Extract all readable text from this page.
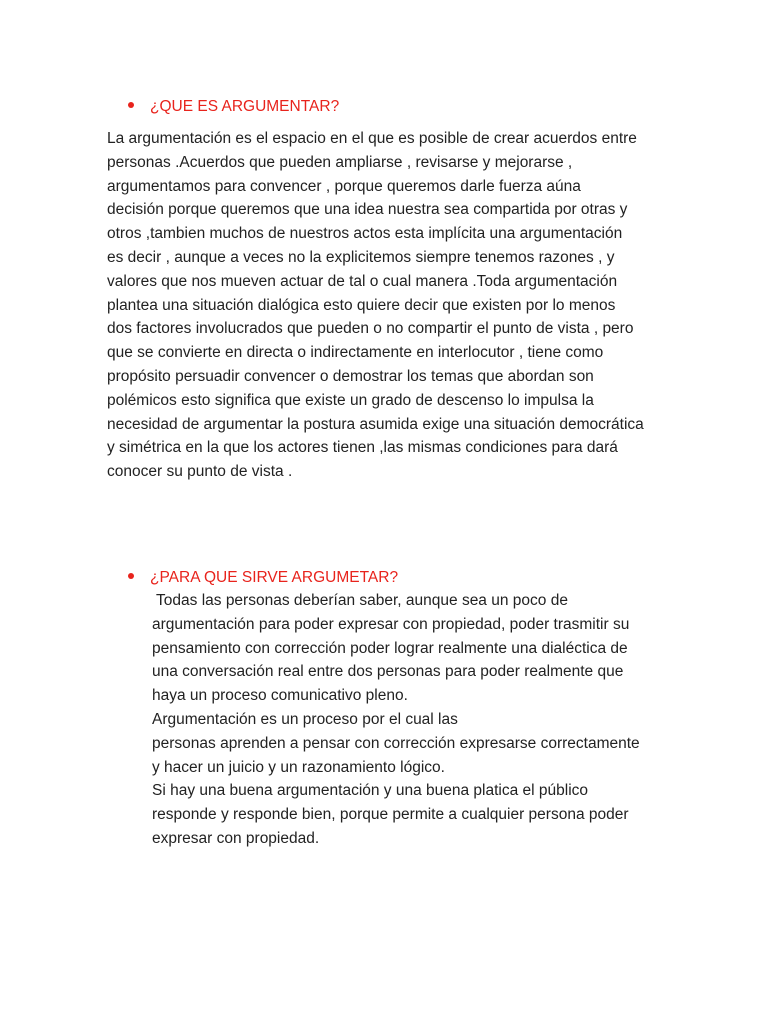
¿QUE ES ARGUMENTAR?
La argumentación es el espacio en el que es posible de crear acuerdos entre
personas .Acuerdos que pueden ampliarse , revisarse y mejorarse ,
argumentamos para convencer , porque queremos darle fuerza aúna
decisión porque queremos que una idea nuestra sea compartida por otras y
otros ,tambien muchos de nuestros actos esta implícita una argumentación
es decir , aunque a veces no la explicitemos siempre tenemos razones , y
valores que nos mueven actuar de tal o cual manera .Toda argumentación
plantea una situación dialógica esto quiere decir que existen por lo menos
dos factores involucrados que pueden o no compartir el punto de vista , pero
que se convierte en directa o indirectamente en interlocutor , tiene como
propósito persuadir convencer o demostrar los temas que abordan son
polémicos esto significa que existe un grado de descenso lo impulsa la
necesidad de argumentar la postura asumida exige una situación democrática
y simétrica en la que los actores tienen ,las mismas condiciones para dará
conocer su punto de vista .
¿PARA QUE SIRVE ARGUMETAR?
Todas las personas deberían saber, aunque sea un poco de
argumentación para poder expresar con propiedad, poder trasmitir su
pensamiento con corrección poder lograr realmente una dialéctica de
una conversación real entre dos personas para poder realmente que
haya un proceso comunicativo pleno.
Argumentación es un proceso por el cual las
personas aprenden a pensar con corrección expresarse correctamente
y hacer un juicio y un razonamiento lógico.
Si hay una buena argumentación y una buena platica el público
responde y responde bien, porque permite a cualquier persona poder
expresar con propiedad.
